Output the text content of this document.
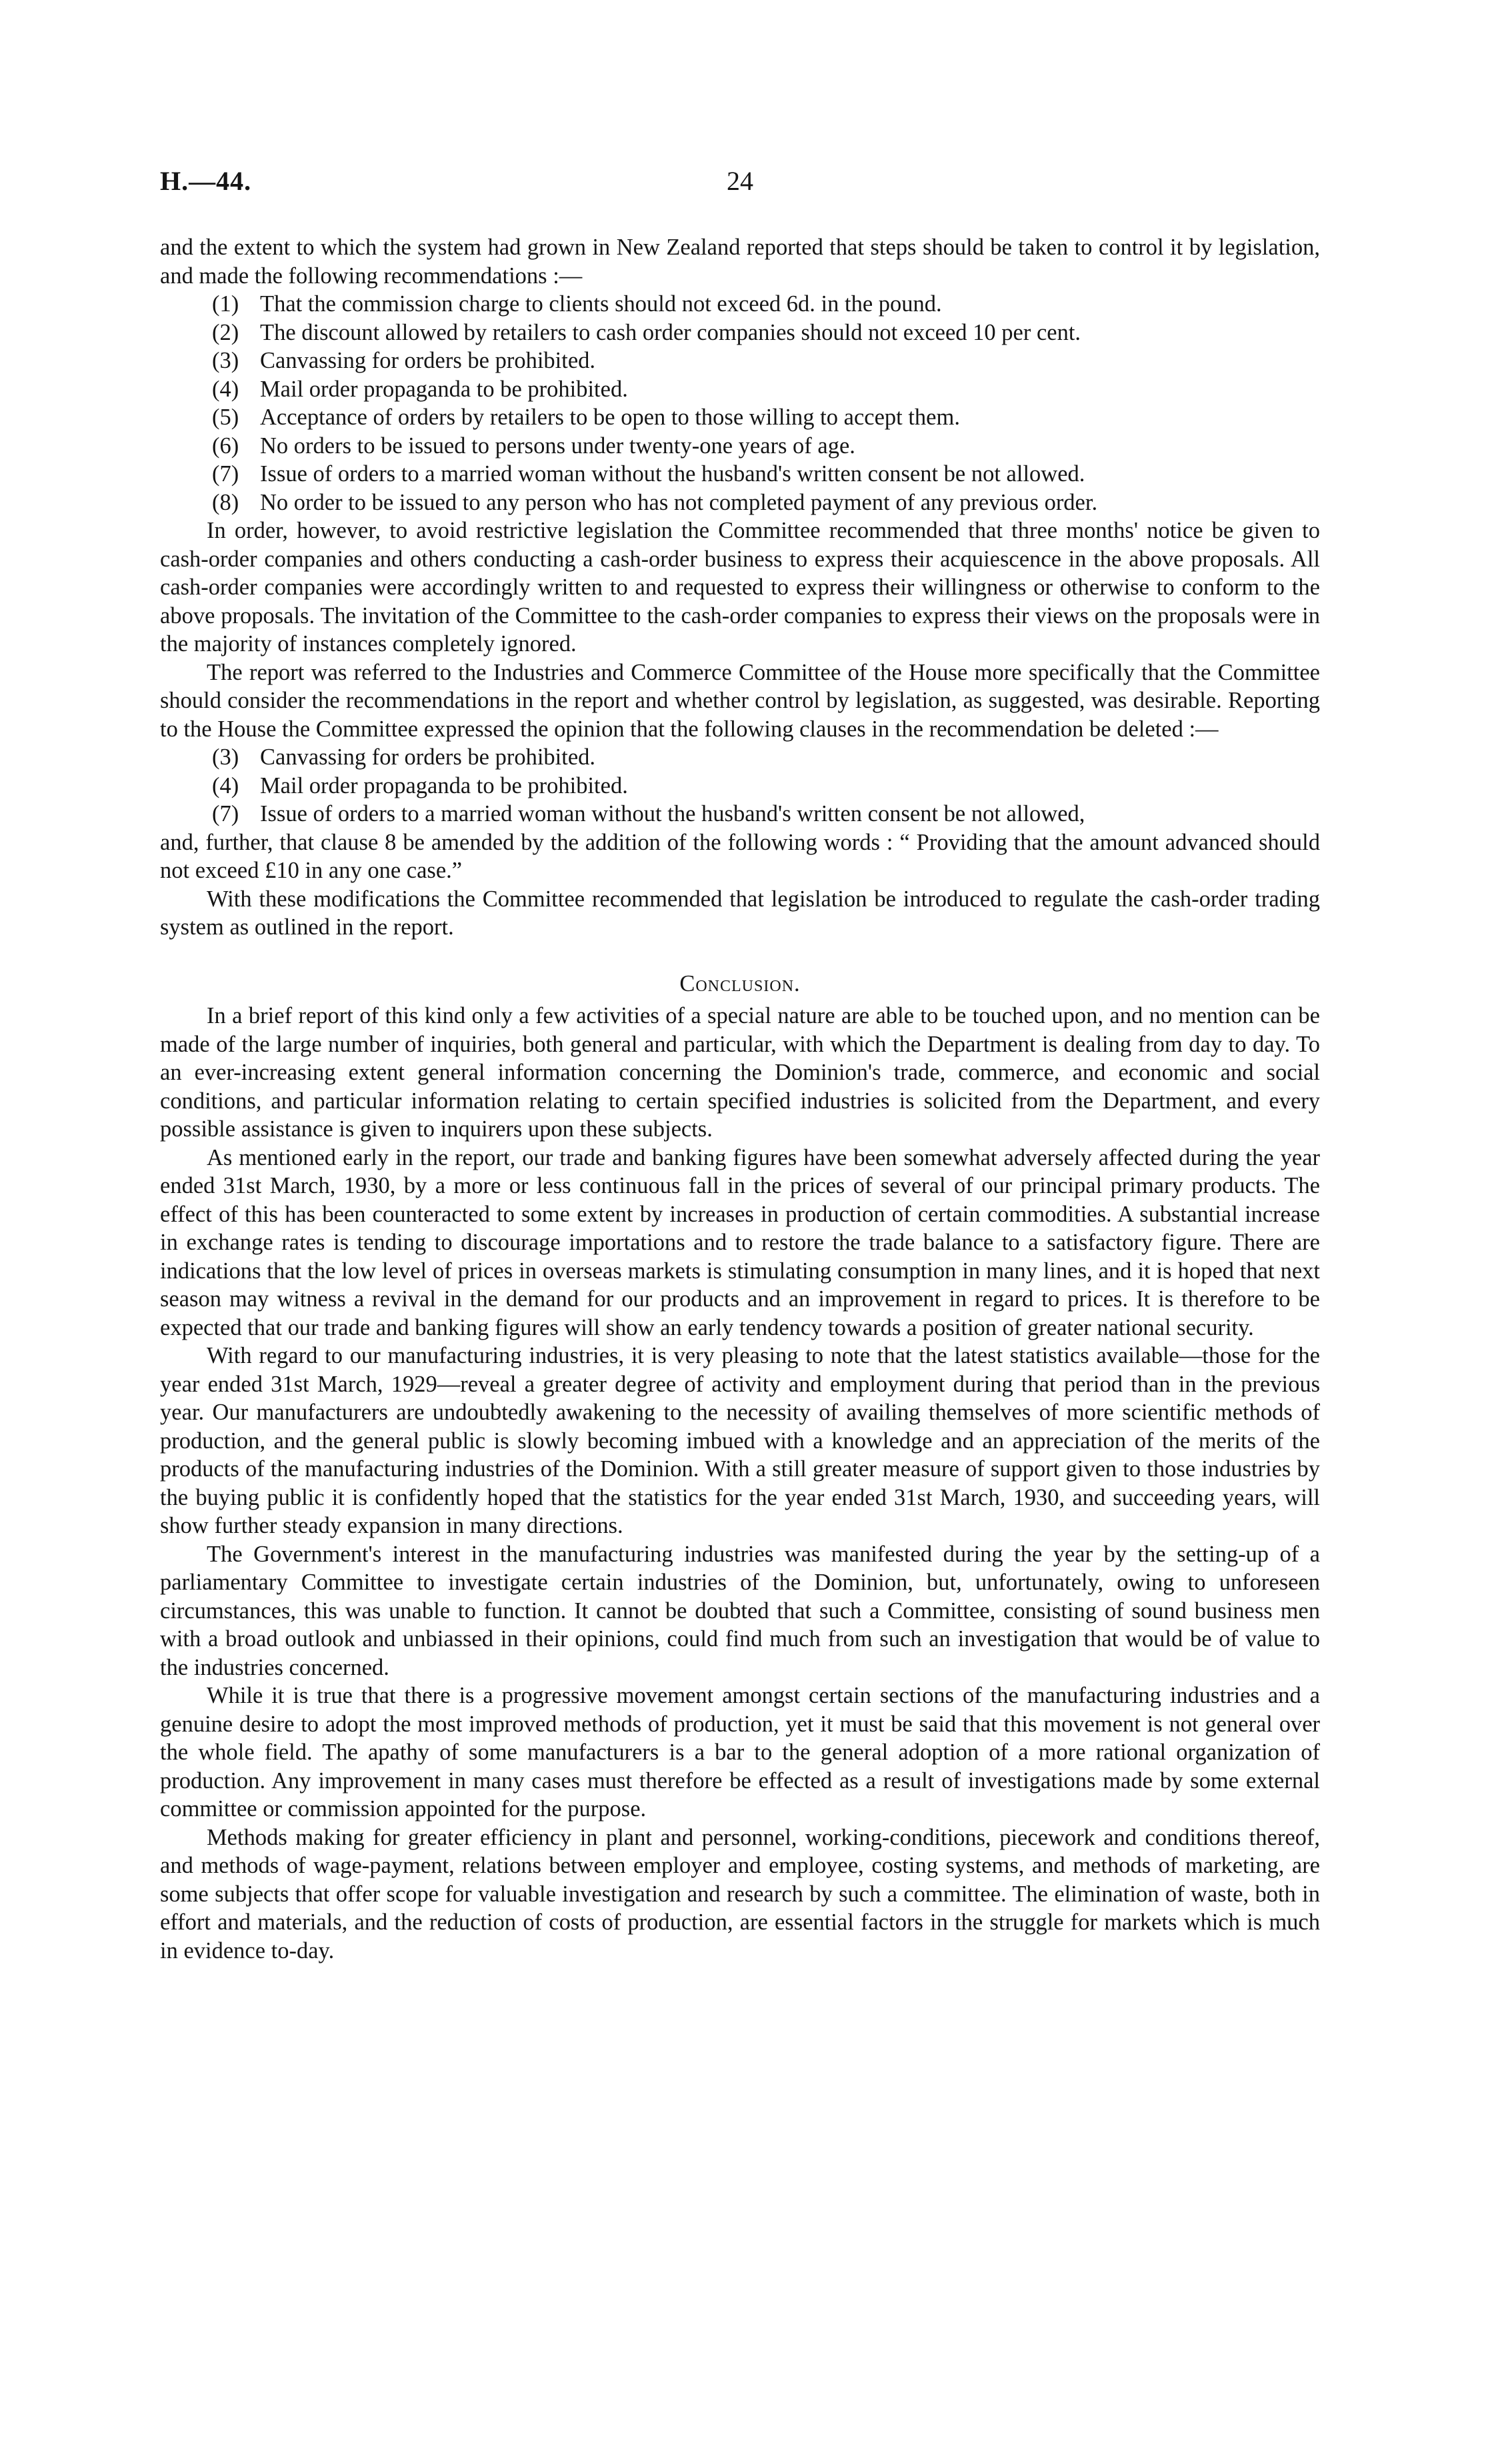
H.—44.	24

and the extent to which the system had grown in New Zealand reported that steps should be taken to control it by legislation, and made the following recommendations :—

(1) That the commission charge to clients should not exceed 6d. in the pound.
(2) The discount allowed by retailers to cash order companies should not exceed 10 per cent.
(3) Canvassing for orders be prohibited.
(4) Mail order propaganda to be prohibited.
(5) Acceptance of orders by retailers to be open to those willing to accept them.
(6) No orders to be issued to persons under twenty-one years of age.
(7) Issue of orders to a married woman without the husband's written consent be not allowed.
(8) No order to be issued to any person who has not completed payment of any previous order.

In order, however, to avoid restrictive legislation the Committee recommended that three months' notice be given to cash-order companies and others conducting a cash-order business to express their acquiescence in the above proposals. All cash-order companies were accordingly written to and requested to express their willingness or otherwise to conform to the above proposals. The invitation of the Committee to the cash-order companies to express their views on the proposals were in the majority of instances completely ignored.

The report was referred to the Industries and Commerce Committee of the House more specifically that the Committee should consider the recommendations in the report and whether control by legislation, as suggested, was desirable. Reporting to the House the Committee expressed the opinion that the following clauses in the recommendation be deleted :—

(3) Canvassing for orders be prohibited.
(4) Mail order propaganda to be prohibited.
(7) Issue of orders to a married woman without the husband's written consent be not allowed,

and, further, that clause 8 be amended by the addition of the following words : “ Providing that the amount advanced should not exceed £10 in any one case.”

With these modifications the Committee recommended that legislation be introduced to regulate the cash-order trading system as outlined in the report.

Conclusion.

In a brief report of this kind only a few activities of a special nature are able to be touched upon, and no mention can be made of the large number of inquiries, both general and particular, with which the Department is dealing from day to day. To an ever-increasing extent general information concerning the Dominion's trade, commerce, and economic and social conditions, and particular information relating to certain specified industries is solicited from the Department, and every possible assistance is given to inquirers upon these subjects.

As mentioned early in the report, our trade and banking figures have been somewhat adversely affected during the year ended 31st March, 1930, by a more or less continuous fall in the prices of several of our principal primary products. The effect of this has been counteracted to some extent by increases in production of certain commodities. A substantial increase in exchange rates is tending to discourage importations and to restore the trade balance to a satisfactory figure. There are indications that the low level of prices in overseas markets is stimulating consumption in many lines, and it is hoped that next season may witness a revival in the demand for our products and an improvement in regard to prices. It is therefore to be expected that our trade and banking figures will show an early tendency towards a position of greater national security.

With regard to our manufacturing industries, it is very pleasing to note that the latest statistics available—those for the year ended 31st March, 1929—reveal a greater degree of activity and employment during that period than in the previous year. Our manufacturers are undoubtedly awakening to the necessity of availing themselves of more scientific methods of production, and the general public is slowly becoming imbued with a knowledge and an appreciation of the merits of the products of the manufacturing industries of the Dominion. With a still greater measure of support given to those industries by the buying public it is confidently hoped that the statistics for the year ended 31st March, 1930, and succeeding years, will show further steady expansion in many directions.

The Government's interest in the manufacturing industries was manifested during the year by the setting-up of a parliamentary Committee to investigate certain industries of the Dominion, but, unfortunately, owing to unforeseen circumstances, this was unable to function. It cannot be doubted that such a Committee, consisting of sound business men with a broad outlook and unbiassed in their opinions, could find much from such an investigation that would be of value to the industries concerned.

While it is true that there is a progressive movement amongst certain sections of the manufacturing industries and a genuine desire to adopt the most improved methods of production, yet it must be said that this movement is not general over the whole field. The apathy of some manufacturers is a bar to the general adoption of a more rational organization of production. Any improvement in many cases must therefore be effected as a result of investigations made by some external committee or commission appointed for the purpose.

Methods making for greater efficiency in plant and personnel, working-conditions, piecework and conditions thereof, and methods of wage-payment, relations between employer and employee, costing systems, and methods of marketing, are some subjects that offer scope for valuable investigation and research by such a committee. The elimination of waste, both in effort and materials, and the reduction of costs of production, are essential factors in the struggle for markets which is much in evidence to-day.
